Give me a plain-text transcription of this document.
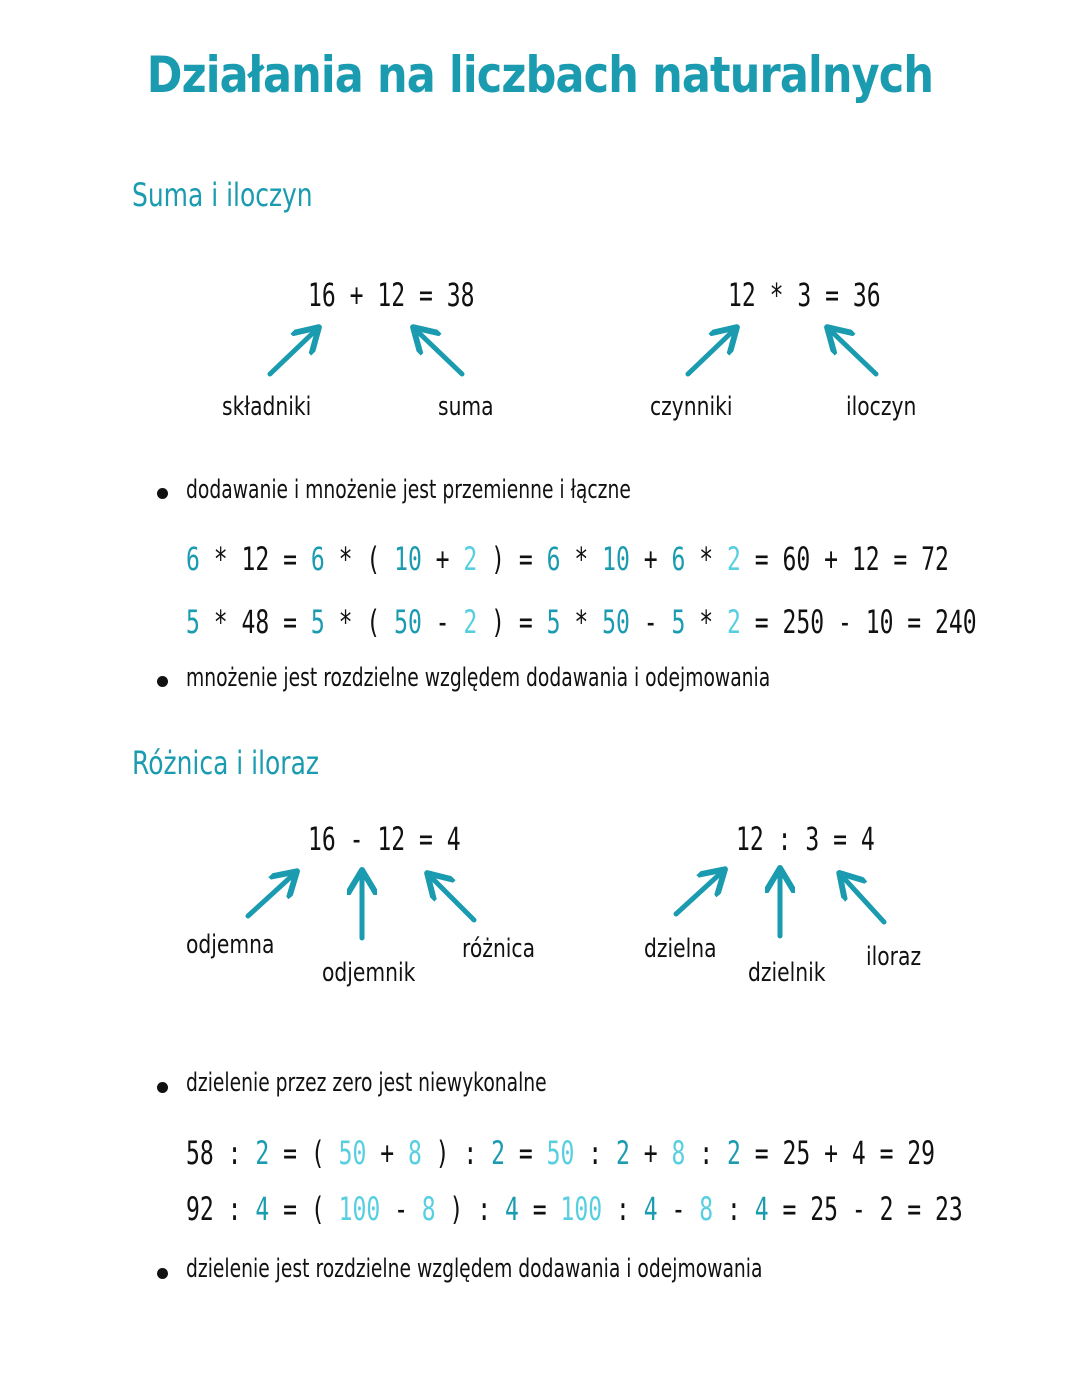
Działania na liczbach naturalnych
Suma i iloczyn
16 + 12 = 38	12 * 3 = 36
składniki	suma	czynniki	iloczyn
dodawanie i mnożenie jest przemienne i łączne
6 * 12 = 6 * ( 10 + 2 ) = 6 * 10 + 6 * 2 = 60 + 12 = 72
5 * 48 = 5 * ( 50 - 2 ) = 5 * 50 - 5 * 2 = 250 - 10 = 240
mnożenie jest rozdzielne względem dodawania i odejmowania
Różnica i iloraz
16 - 12 = 4	12 : 3 = 4
odjemna
odjemnik
różnica	dzielna
dzielnik
iloraz
dzielenie przez zero jest niewykonalne
58 : 2 = ( 50 + 8 ) : 2 = 50 : 2 + 8 : 2 = 25 + 4 = 29
92 : 4 = ( 100 - 8 ) : 4 = 100 : 4 - 8 : 4 = 25 - 2 = 23
dzielenie jest rozdzielne względem dodawania i odejmowania
